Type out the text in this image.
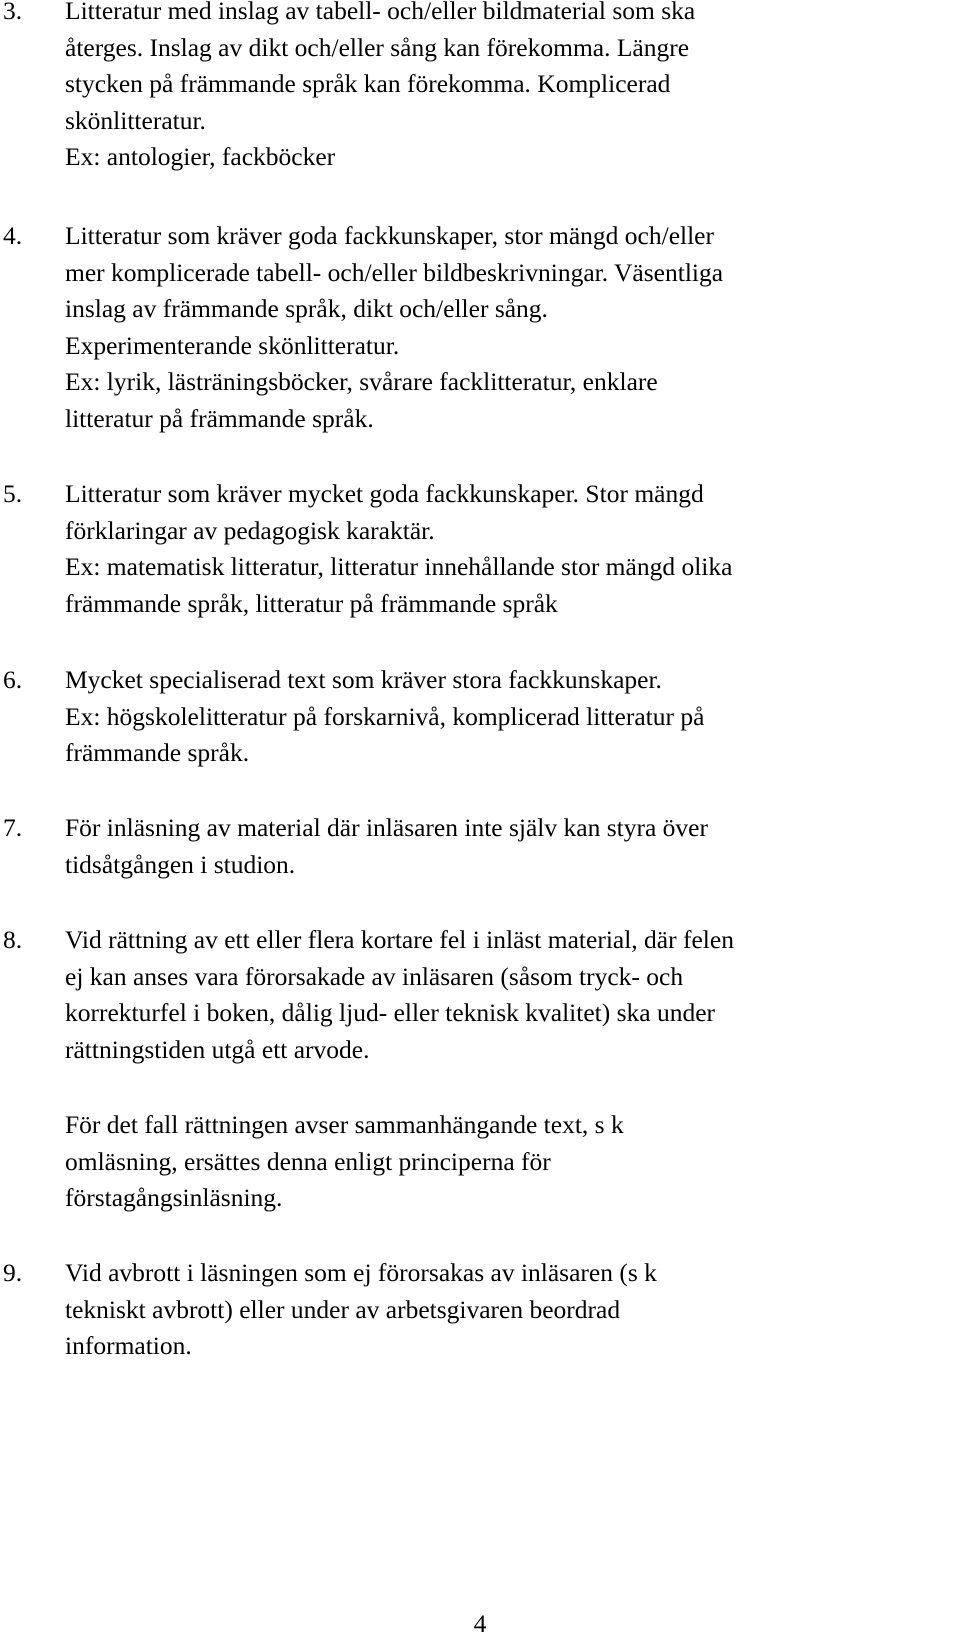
3.	Litteratur med inslag av tabell- och/eller bildmaterial som ska
återges. Inslag av dikt och/eller sång kan förekomma. Längre
stycken på främmande språk kan förekomma. Komplicerad
skönlitteratur.
Ex: antologier, fackböcker
4.	Litteratur som kräver goda fackkunskaper, stor mängd och/eller
mer komplicerade tabell- och/eller bildbeskrivningar. Väsentliga
inslag av främmande språk, dikt och/eller sång.
Experimenterande skönlitteratur.
Ex: lyrik, lästräningsböcker, svårare facklitteratur, enklare
litteratur på främmande språk.
5.	Litteratur som kräver mycket goda fackkunskaper. Stor mängd
förklaringar av pedagogisk karaktär.
Ex: matematisk litteratur, litteratur innehållande stor mängd olika
främmande språk, litteratur på främmande språk
6.	Mycket specialiserad text som kräver stora fackkunskaper.
Ex: högskolelitteratur på forskarnivå, komplicerad litteratur på
främmande språk.
7.	För inläsning av material där inläsaren inte själv kan styra över
tidsåtgången i studion.
8.	Vid rättning av ett eller flera kortare fel i inläst material, där felen
ej kan anses vara förorsakade av inläsaren (såsom tryck- och
korrekturfel i boken, dålig ljud- eller teknisk kvalitet) ska under
rättningstiden utgå ett arvode.
För det fall rättningen avser sammanhängande text, s k
omläsning, ersättes denna enligt principerna för
förstagångsinläsning.
9.	Vid avbrott i läsningen som ej förorsakas av inläsaren (s k
tekniskt avbrott) eller under av arbetsgivaren beordrad
information.
4
